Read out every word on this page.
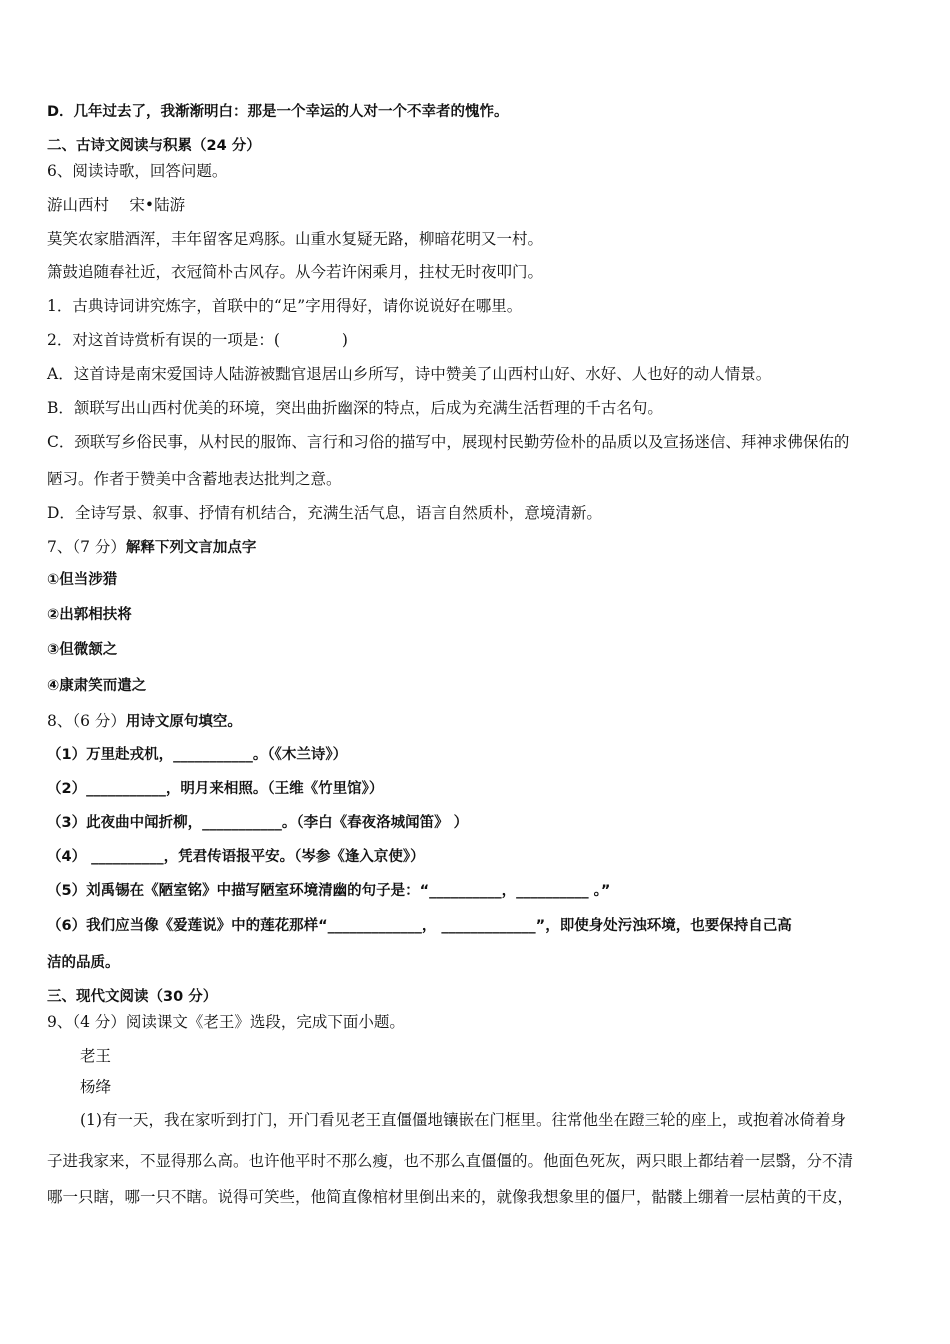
D．几年过去了，我渐渐明白：那是一个幸运的人对一个不幸者的愧怍。
二、古诗文阅读与积累（24 分）
6、阅读诗歌，回答问题。
游山西村　 宋•陆游
莫笑农家腊酒浑，丰年留客足鸡豚。山重水复疑无路，柳暗花明又一村。
箫鼓追随春社近，衣冠简朴古风存。从今若许闲乘月，拄杖无时夜叩门。
1．古典诗词讲究炼字，首联中的“足”字用得好，请你说说好在哪里。
2．对这首诗赏析有误的一项是：(　　　　)
A．这首诗是南宋爱国诗人陆游被黜官退居山乡所写，诗中赞美了山西村山好、水好、人也好的动人情景。
B．颔联写出山西村优美的环境，突出曲折幽深的特点，后成为充满生活哲理的千古名句。
C．颈联写乡俗民事，从村民的服饰、言行和习俗的描写中，展现村民勤劳俭朴的品质以及宣扬迷信、拜神求佛保佑的
陋习。作者于赞美中含蓄地表达批判之意。
D．全诗写景、叙事、抒情有机结合，充满生活气息，语言自然质朴，意境清新。
7、（7 分）解释下列文言加点字
①但当涉猎
②出郭相扶将
③但微颔之
④康肃笑而遣之
8、（6 分）用诗文原句填空。
（1）万里赴戎机，___________。（《木兰诗》）
（2）___________，明月来相照。（王维《竹里馆》）
（3）此夜曲中闻折柳，___________。（李白《春夜洛城闻笛》 ）
（4） __________，凭君传语报平安。（岑参《逢入京使》）
（5）刘禹锡在《陋室铭》中描写陋室环境清幽的句子是：“__________，__________ 。”
（6）我们应当像《爱莲说》中的莲花那样“_____________， _____________”，即使身处污浊环境，也要保持自己高
洁的品质。
三、现代文阅读（30 分）
9、（4 分）阅读课文《老王》选段，完成下面小题。
老王
杨绛
(1)有一天，我在家听到打门，开门看见老王直僵僵地镶嵌在门框里。往常他坐在蹬三轮的座上，或抱着冰倚着身
子进我家来，不显得那么高。也许他平时不那么瘦，也不那么直僵僵的。他面色死灰，两只眼上都结着一层翳，分不清
哪一只瞎，哪一只不瞎。说得可笑些，他简直像棺材里倒出来的，就像我想象里的僵尸，骷髅上绷着一层枯黄的干皮，
